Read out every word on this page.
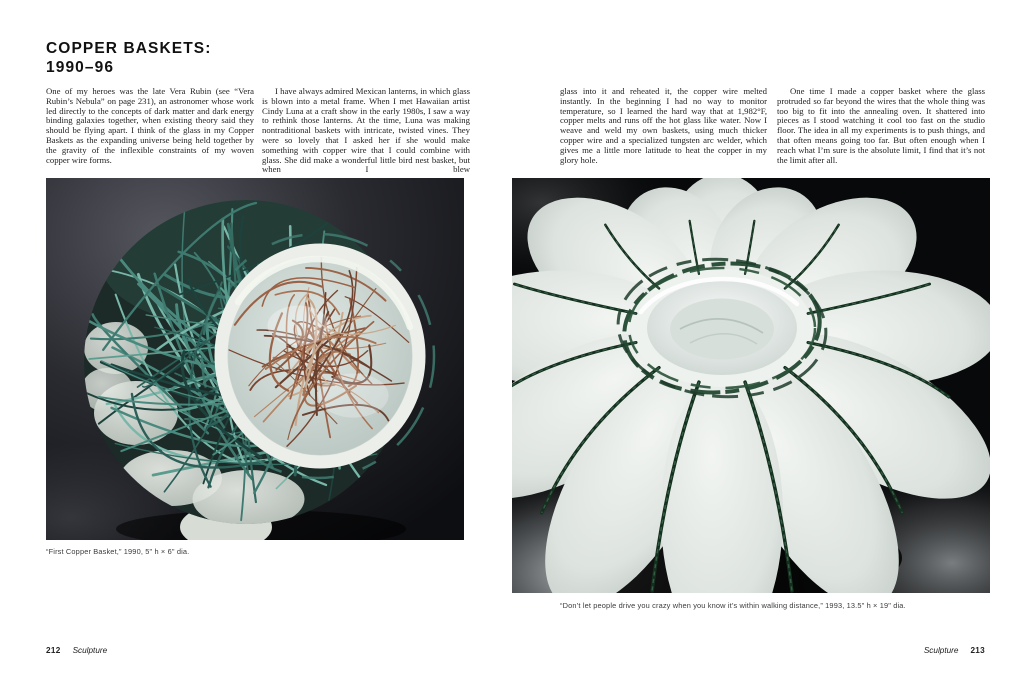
COPPER BASKETS:
1990–96

One of my heroes was the late Vera Rubin (see “Vera Rubin’s Nebula” on page 231), an astronomer whose work led directly to the concepts of dark matter and dark energy binding galaxies together, when existing theory said they should be flying apart. I think of the glass in my Copper Baskets as the expanding universe being held together by the gravity of the inflexible constraints of my woven copper wire forms.

I have always admired Mexican lanterns, in which glass is blown into a metal frame. When I met Hawaiian artist Cindy Luna at a craft show in the early 1980s, I saw a way to rethink those lanterns. At the time, Luna was making nontraditional baskets with intricate, twisted vines. They were so lovely that I asked her if she would make something with copper wire that I could combine with glass. She did make a wonderful little bird nest basket, but when I blew

glass into it and reheated it, the copper wire melted instantly. In the beginning I had no way to monitor temperature, so I learned the hard way that at 1,982°F, copper melts and runs off the hot glass like water. Now I weave and weld my own baskets, using much thicker copper wire and a specialized tungsten arc welder, which gives me a little more latitude to heat the copper in my glory hole.

One time I made a copper basket where the glass protruded so far beyond the wires that the whole thing was too big to fit into the annealing oven. It shattered into pieces as I stood watching it cool too fast on the studio floor. The idea in all my experiments is to push things, and that often means going too far. But often enough when I reach what I’m sure is the absolute limit, I find that it’s not the limit after all.

“First Copper Basket,” 1990, 5" h × 6" dia.
“Don’t let people drive you crazy when you know it’s within walking distance,” 1993, 13.5" h × 19" dia.
212 Sculpture	Sculpture 213
